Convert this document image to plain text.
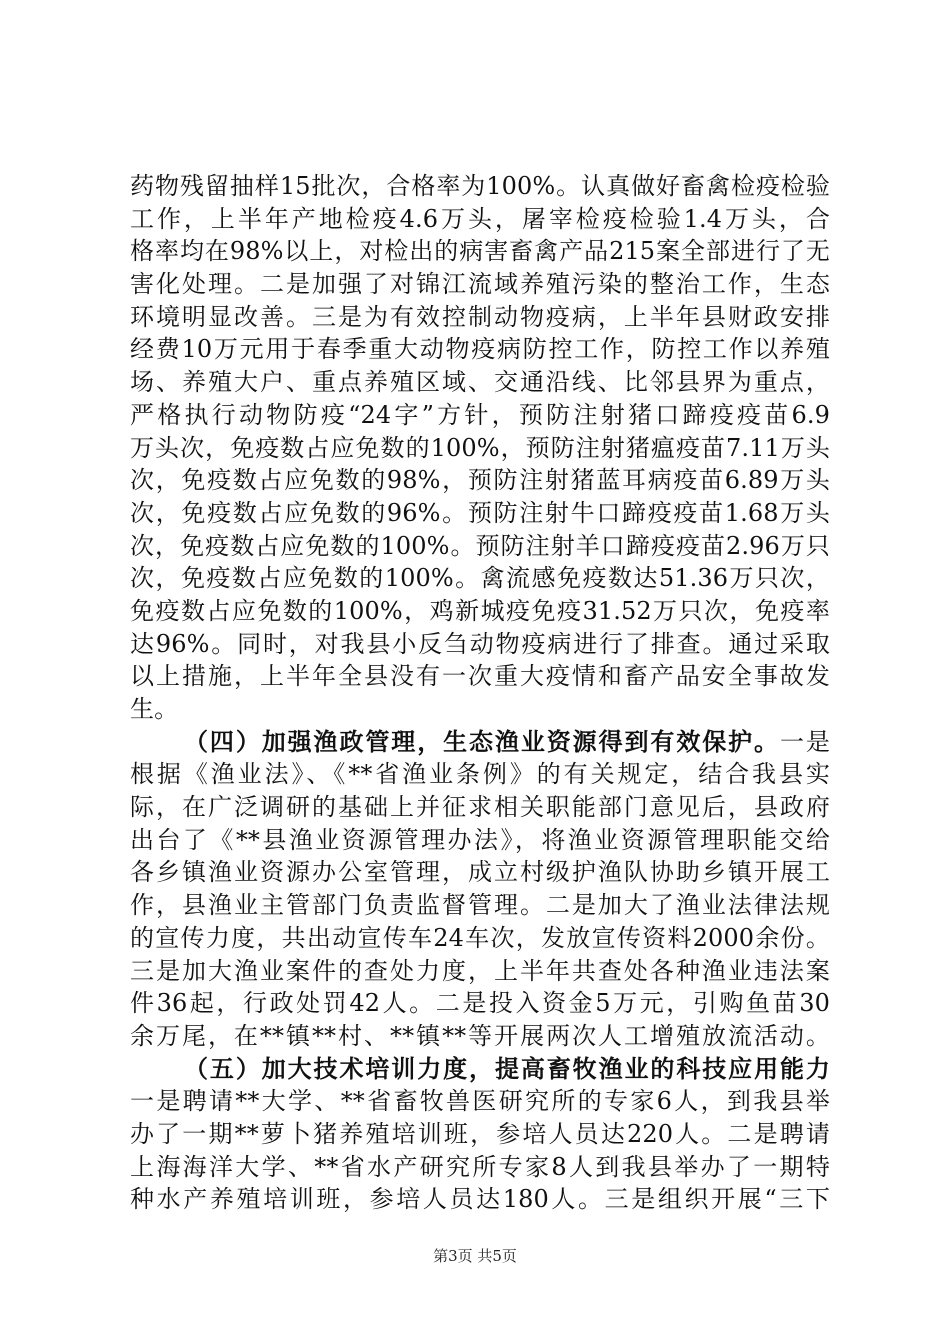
药物残留抽样15批次，合格率为100%。认真做好畜禽检疫检验
工作，上半年产地检疫4.6万头，屠宰检疫检验1.4万头，合
格率均在98%以上，对检出的病害畜禽产品215案全部进行了无
害化处理。二是加强了对锦江流域养殖污染的整治工作，生态
环境明显改善。三是为有效控制动物疫病，上半年县财政安排
经费10万元用于春季重大动物疫病防控工作，防控工作以养殖
场、养殖大户、重点养殖区域、交通沿线、比邻县界为重点，
严格执行动物防疫“24字”方针，预防注射猪口蹄疫疫苗6.9
万头次，免疫数占应免数的100%，预防注射猪瘟疫苗7.11万头
次，免疫数占应免数的98%，预防注射猪蓝耳病疫苗6.89万头
次，免疫数占应免数的96%。预防注射牛口蹄疫疫苗1.68万头
次，免疫数占应免数的100%。预防注射羊口蹄疫疫苗2.96万只
次，免疫数占应免数的100%。禽流感免疫数达51.36万只次，
免疫数占应免数的100%，鸡新城疫免疫31.52万只次，免疫率
达96%。同时，对我县小反刍动物疫病进行了排查。通过采取
以上措施，上半年全县没有一次重大疫情和畜产品安全事故发
生。
（四）加强渔政管理，生态渔业资源得到有效保护。一是
根据《渔业法》、《**省渔业条例》的有关规定，结合我县实
际，在广泛调研的基础上并征求相关职能部门意见后，县政府
出台了《**县渔业资源管理办法》，将渔业资源管理职能交给
各乡镇渔业资源办公室管理，成立村级护渔队协助乡镇开展工
作，县渔业主管部门负责监督管理。二是加大了渔业法律法规
的宣传力度，共出动宣传车24车次，发放宣传资料2000余份。
三是加大渔业案件的查处力度，上半年共查处各种渔业违法案
件36起，行政处罚42人。二是投入资金5万元，引购鱼苗30
余万尾，在**镇**村、**镇**等开展两次人工增殖放流活动。
（五）加大技术培训力度，提高畜牧渔业的科技应用能力
一是聘请**大学、**省畜牧兽医研究所的专家6人，到我县举
办了一期**萝卜猪养殖培训班，参培人员达220人。二是聘请
上海海洋大学、**省水产研究所专家8人到我县举办了一期特
种水产养殖培训班，参培人员达180人。三是组织开展“三下
第3页 共5页
